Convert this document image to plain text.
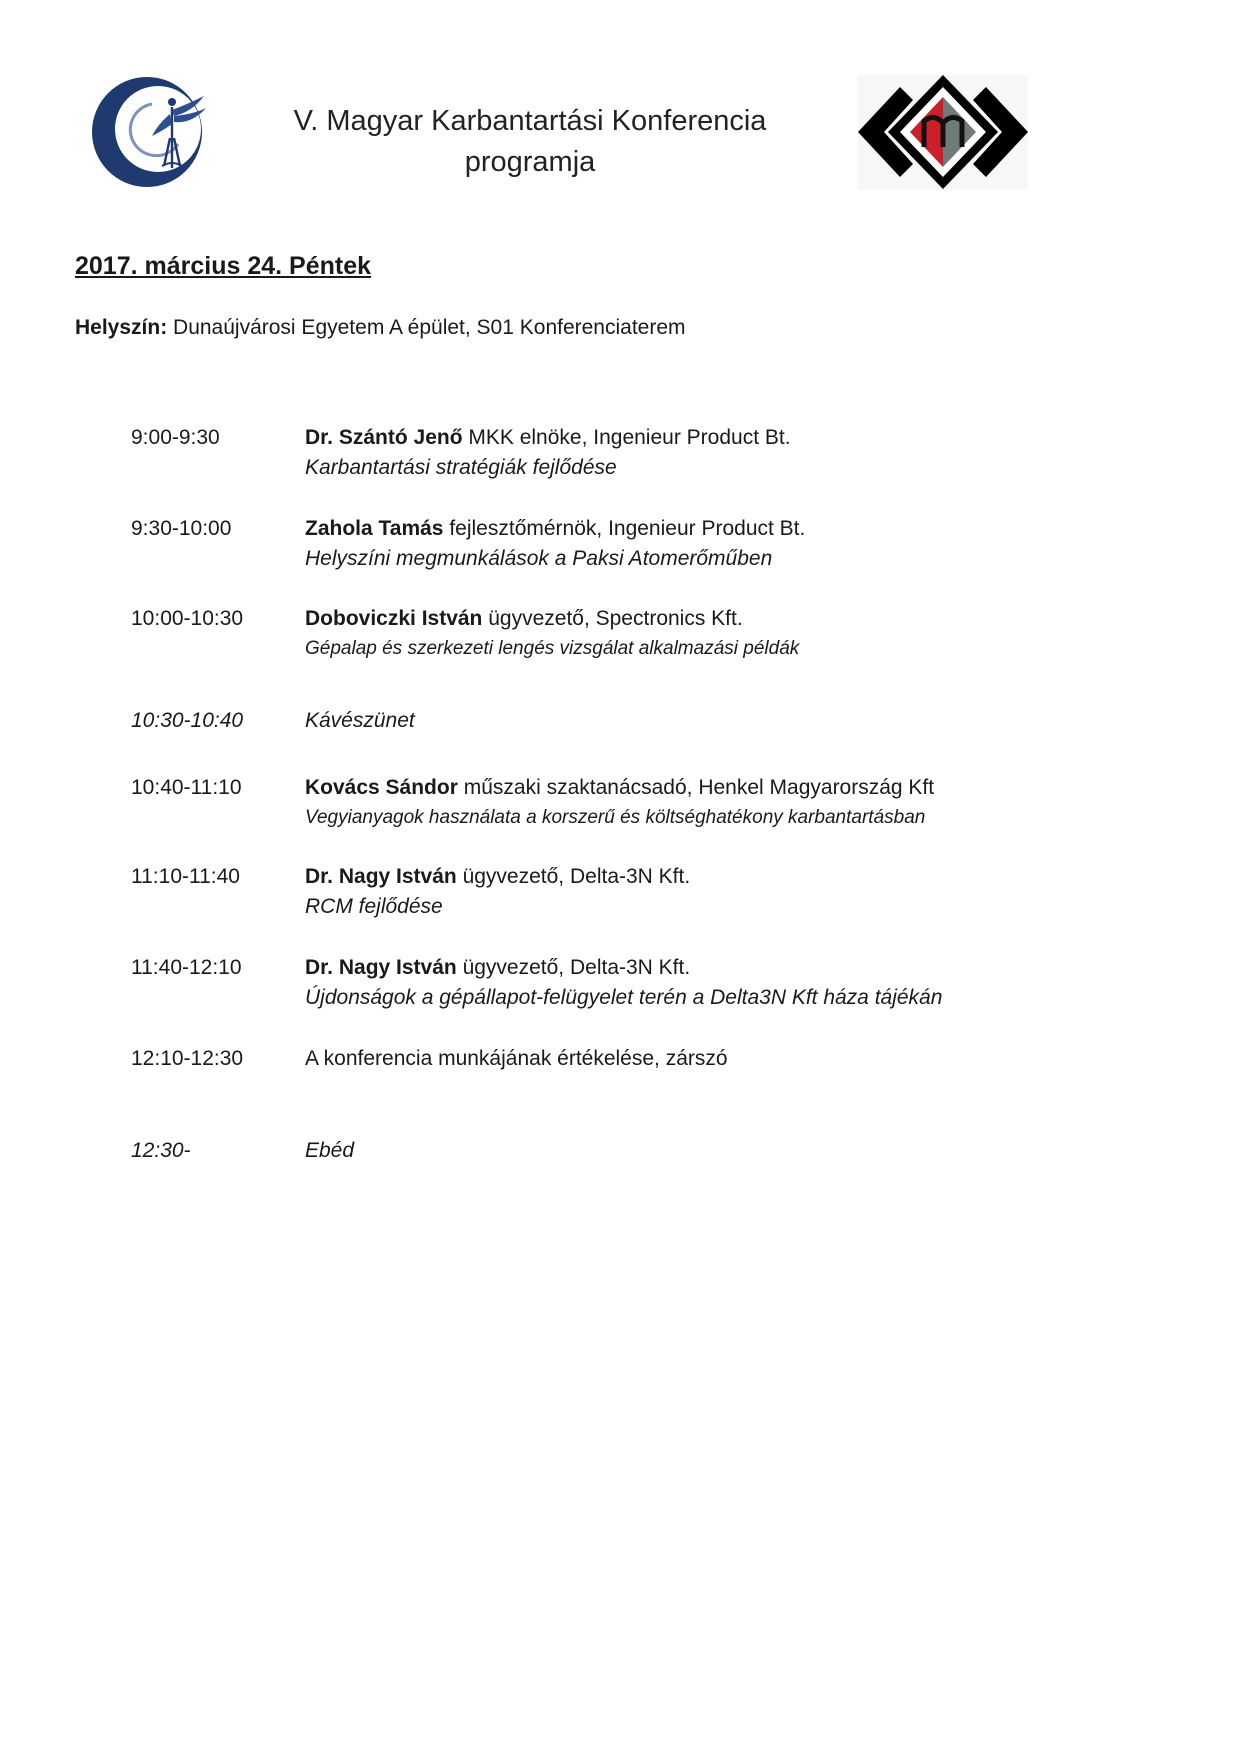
V. Magyar Karbantartási Konferencia
programja
2017. március 24. Péntek
Helyszín: Dunaújvárosi Egyetem A épület, S01 Konferenciaterem
9:00-9:30	Dr. Szántó Jenő MKK elnöke, Ingenieur Product Bt.
Karbantartási stratégiák fejlődése
9:30-10:00	Zahola Tamás fejlesztőmérnök, Ingenieur Product Bt.
Helyszíni megmunkálások a Paksi Atomerőműben
10:00-10:30	Doboviczki István ügyvezető, Spectronics Kft.
Gépalap és szerkezeti lengés vizsgálat alkalmazási példák
10:30-10:40	Kávészünet
10:40-11:10	Kovács Sándor műszaki szaktanácsadó, Henkel Magyarország Kft
Vegyianyagok használata a korszerű és költséghatékony karbantartásban
11:10-11:40	Dr. Nagy István ügyvezető, Delta-3N Kft.
RCM fejlődése
11:40-12:10	Dr. Nagy István ügyvezető, Delta-3N Kft.
Újdonságok a gépállapot-felügyelet terén a Delta3N Kft háza tájékán
12:10-12:30	A konferencia munkájának értékelése, zárszó
12:30-	Ebéd
